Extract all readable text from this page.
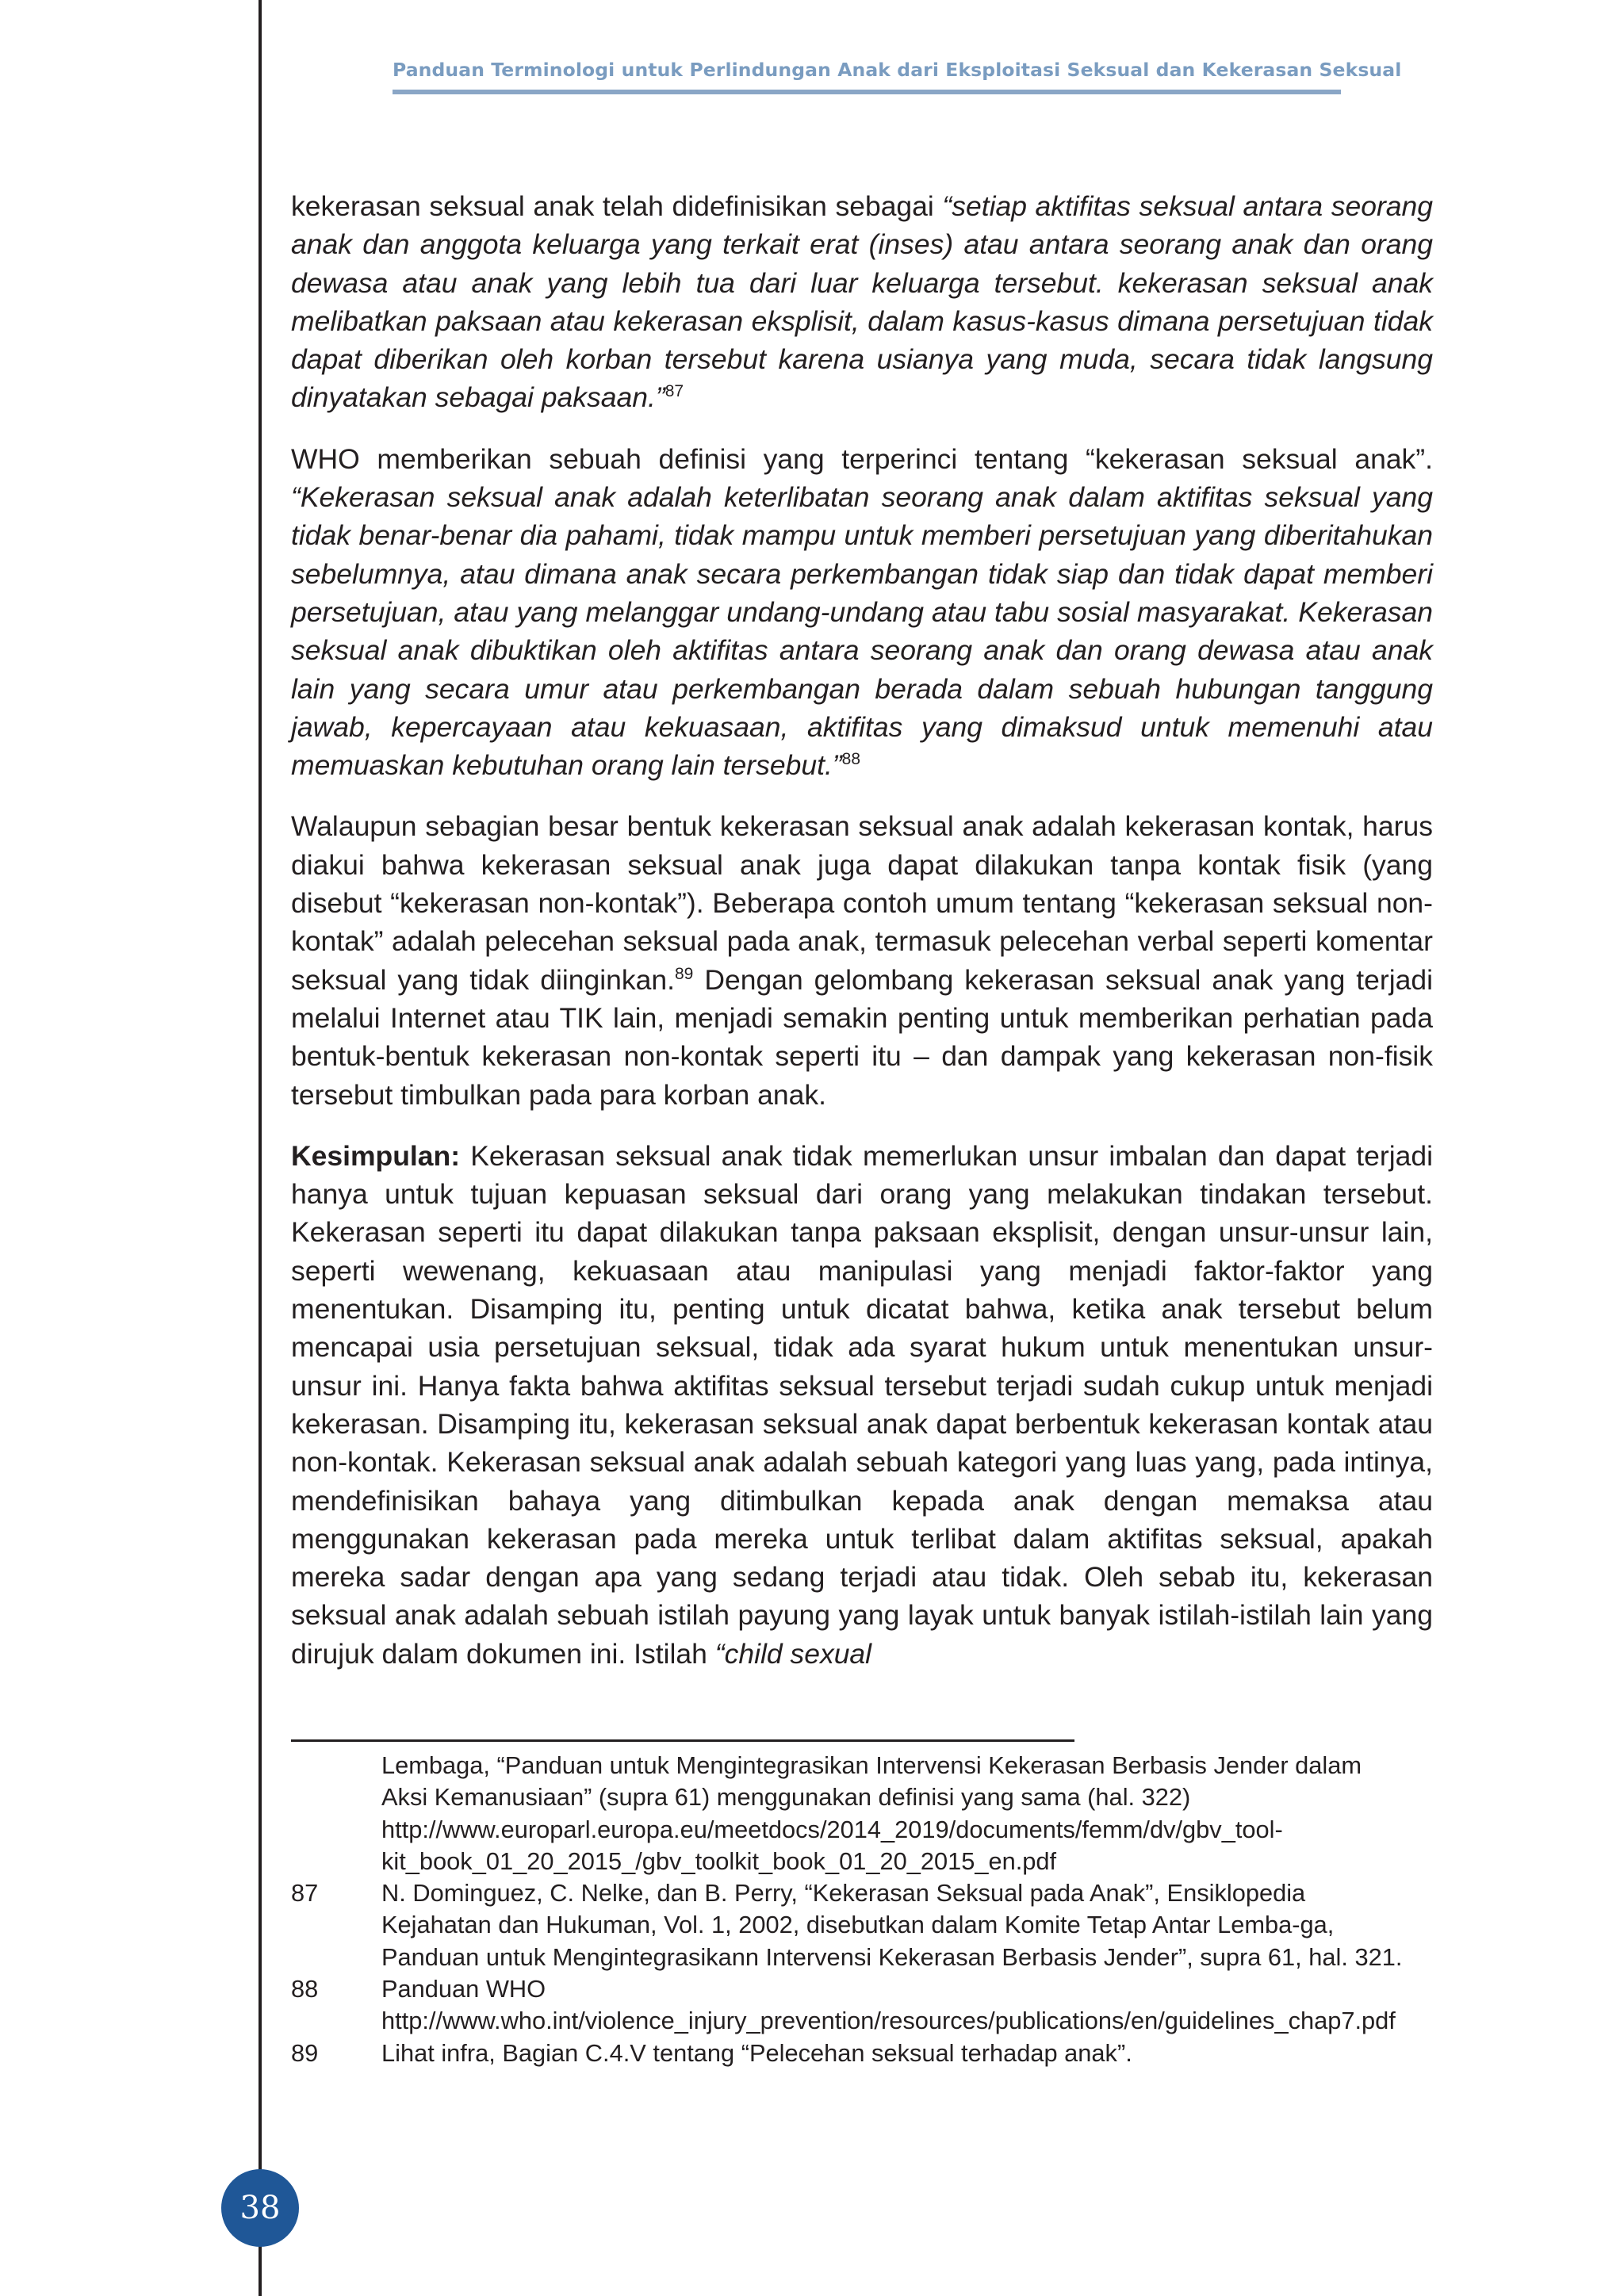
Panduan Terminologi untuk Perlindungan Anak dari Eksploitasi Seksual dan Kekerasan Seksual

kekerasan seksual anak telah didefinisikan sebagai “setiap aktifitas seksual antara seorang anak dan anggota keluarga yang terkait erat (inses) atau antara seorang anak dan orang dewasa atau anak yang lebih tua dari luar keluarga tersebut. kekerasan seksual anak melibatkan paksaan atau kekerasan eksplisit, dalam kasus-kasus dimana persetujuan tidak dapat diberikan oleh korban tersebut karena usianya yang muda, secara tidak langsung dinyatakan sebagai paksaan.”$^{87}$

WHO memberikan sebuah definisi yang terperinci tentang “kekerasan seksual anak”. “Kekerasan seksual anak adalah keterlibatan seorang anak dalam aktifitas seksual yang tidak benar-benar dia pahami, tidak mampu untuk memberi persetujuan yang diberitahukan sebelumnya, atau dimana anak secara perkembangan tidak siap dan tidak dapat memberi persetujuan, atau yang melanggar undang-undang atau tabu sosial masyarakat. Kekerasan seksual anak dibuktikan oleh aktifitas antara seorang anak dan orang dewasa atau anak lain yang secara umur atau perkembangan berada dalam sebuah hubungan tanggung jawab, kepercayaan atau kekuasaan, aktifitas yang dimaksud untuk memenuhi atau memuaskan kebutuhan orang lain tersebut.”$^{88}$

Walaupun sebagian besar bentuk kekerasan seksual anak adalah kekerasan kontak, harus diakui bahwa kekerasan seksual anak juga dapat dilakukan tanpa kontak fisik (yang disebut “kekerasan non-kontak”). Beberapa contoh umum tentang “kekerasan seksual non-kontak” adalah pelecehan seksual pada anak, termasuk pelecehan verbal seperti komentar seksual yang tidak diinginkan.$^{89}$ Dengan gelombang kekerasan seksual anak yang terjadi melalui Internet atau TIK lain, menjadi semakin penting untuk memberikan perhatian pada bentuk-bentuk kekerasan non-kontak seperti itu – dan dampak yang kekerasan non-fisik tersebut timbulkan pada para korban anak.

Kesimpulan: Kekerasan seksual anak tidak memerlukan unsur imbalan dan dapat terjadi hanya untuk tujuan kepuasan seksual dari orang yang melakukan tindakan tersebut. Kekerasan seperti itu dapat dilakukan tanpa paksaan eksplisit, dengan unsur-unsur lain, seperti wewenang, kekuasaan atau manipulasi yang menjadi faktor-faktor yang menentukan. Disamping itu, penting untuk dicatat bahwa, ketika anak tersebut belum mencapai usia persetujuan seksual, tidak ada syarat hukum untuk menentukan unsur-unsur ini. Hanya fakta bahwa aktifitas seksual tersebut terjadi sudah cukup untuk menjadi kekerasan. Disamping itu, kekerasan seksual anak dapat berbentuk kekerasan kontak atau non-kontak. Kekerasan seksual anak adalah sebuah kategori yang luas yang, pada intinya, mendefinisikan bahaya yang ditimbulkan kepada anak dengan memaksa atau menggunakan kekerasan pada mereka untuk terlibat dalam aktifitas seksual, apakah mereka sadar dengan apa yang sedang terjadi atau tidak. Oleh sebab itu, kekerasan seksual anak adalah sebuah istilah payung yang layak untuk banyak istilah-istilah lain yang dirujuk dalam dokumen ini. Istilah “child sexual

Lembaga, “Panduan untuk Mengintegrasikan Intervensi Kekerasan Berbasis Jender dalam Aksi Kemanusiaan” (supra 61) menggunakan definisi yang sama (hal. 322) http://www.europarl.europa.eu/meetdocs/2014_2019/documents/femm/dv/gbv_tool-kit_book_01_20_2015_/gbv_toolkit_book_01_20_2015_en.pdf
87	N. Dominguez, C. Nelke, dan B. Perry, “Kekerasan Seksual pada Anak”, Ensiklopedia Kejahatan dan Hukuman, Vol. 1, 2002, disebutkan dalam Komite Tetap Antar Lemba-ga, Panduan untuk Mengintegrasikann Intervensi Kekerasan Berbasis Jender”, supra 61, hal. 321.
88	Panduan WHO http://www.who.int/violence_injury_prevention/resources/publications/en/guidelines_chap7.pdf
89	Lihat infra, Bagian C.4.V tentang “Pelecehan seksual terhadap anak”.
38
